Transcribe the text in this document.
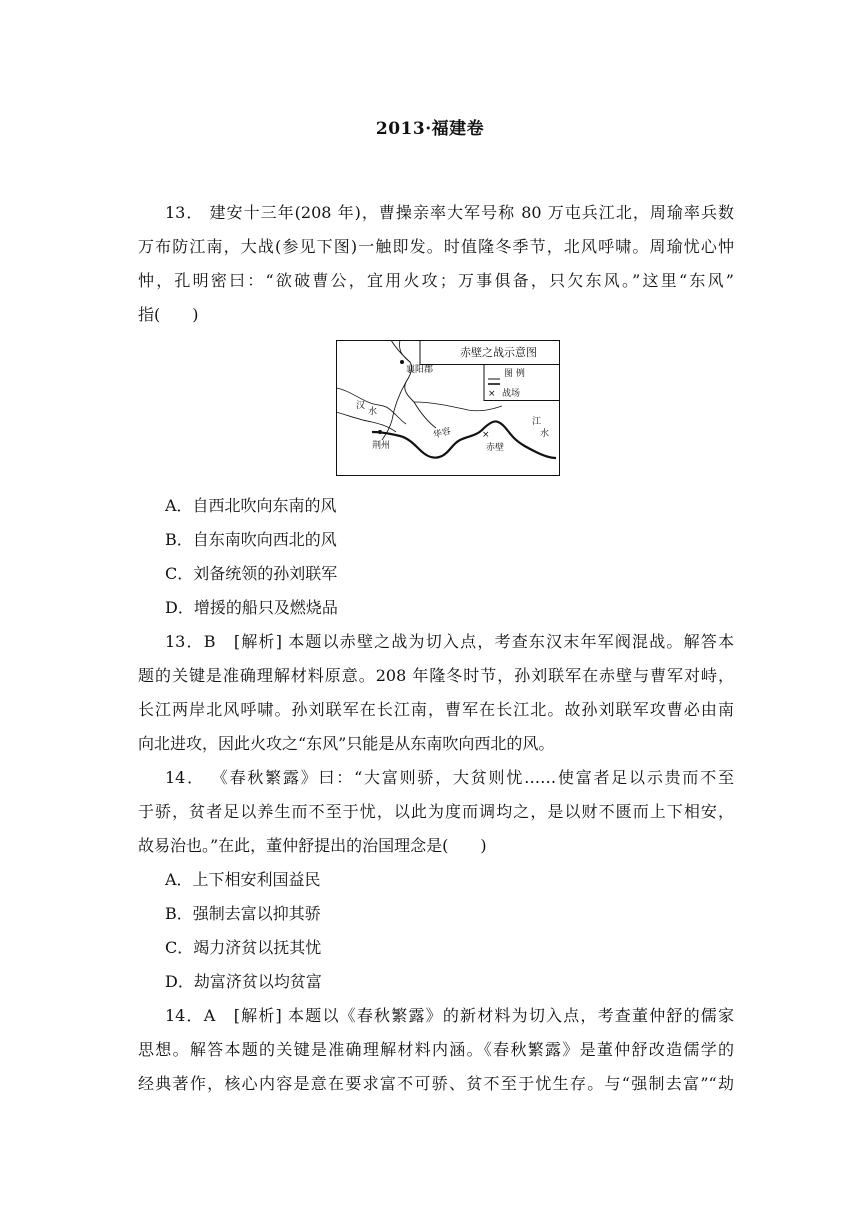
2013·福建卷
13． 建安十三年(208 年)，曹操亲率大军号称 80 万屯兵江北，周瑜率兵数
万布防江南，大战(参见下图)一触即发。时值隆冬季节，北风呼啸。周瑜忧心忡
忡，孔明密曰：“欲破曹公，宜用火攻；万事俱备，只欠东风。”这里“东风”
指(　　)
赤壁之战示意图
图 例
× 战场
×
襄阳郡
荆州
华容
赤壁
汉
水
江
水
A．自西北吹向东南的风
B．自东南吹向西北的风
C．刘备统领的孙刘联军
D．增援的船只及燃烧品
13．B　[解析] 本题以赤壁之战为切入点，考查东汉末年军阀混战。解答本
题的关键是准确理解材料原意。208 年隆冬时节，孙刘联军在赤壁与曹军对峙，
长江两岸北风呼啸。孙刘联军在长江南，曹军在长江北。故孙刘联军攻曹必由南
向北进攻，因此火攻之“东风”只能是从东南吹向西北的风。
14． 《春秋繁露》曰：“大富则骄，大贫则忧……使富者足以示贵而不至
于骄，贫者足以养生而不至于忧，以此为度而调均之，是以财不匮而上下相安，
故易治也。”在此，董仲舒提出的治国理念是(　　)
A．上下相安利国益民
B．强制去富以抑其骄
C．竭力济贫以抚其忧
D．劫富济贫以均贫富
14．A　[解析] 本题以《春秋繁露》的新材料为切入点，考查董仲舒的儒家
思想。解答本题的关键是准确理解材料内涵。《春秋繁露》是董仲舒改造儒学的
经典著作，核心内容是意在要求富不可骄、贫不至于忧生存。与“强制去富”“劫
